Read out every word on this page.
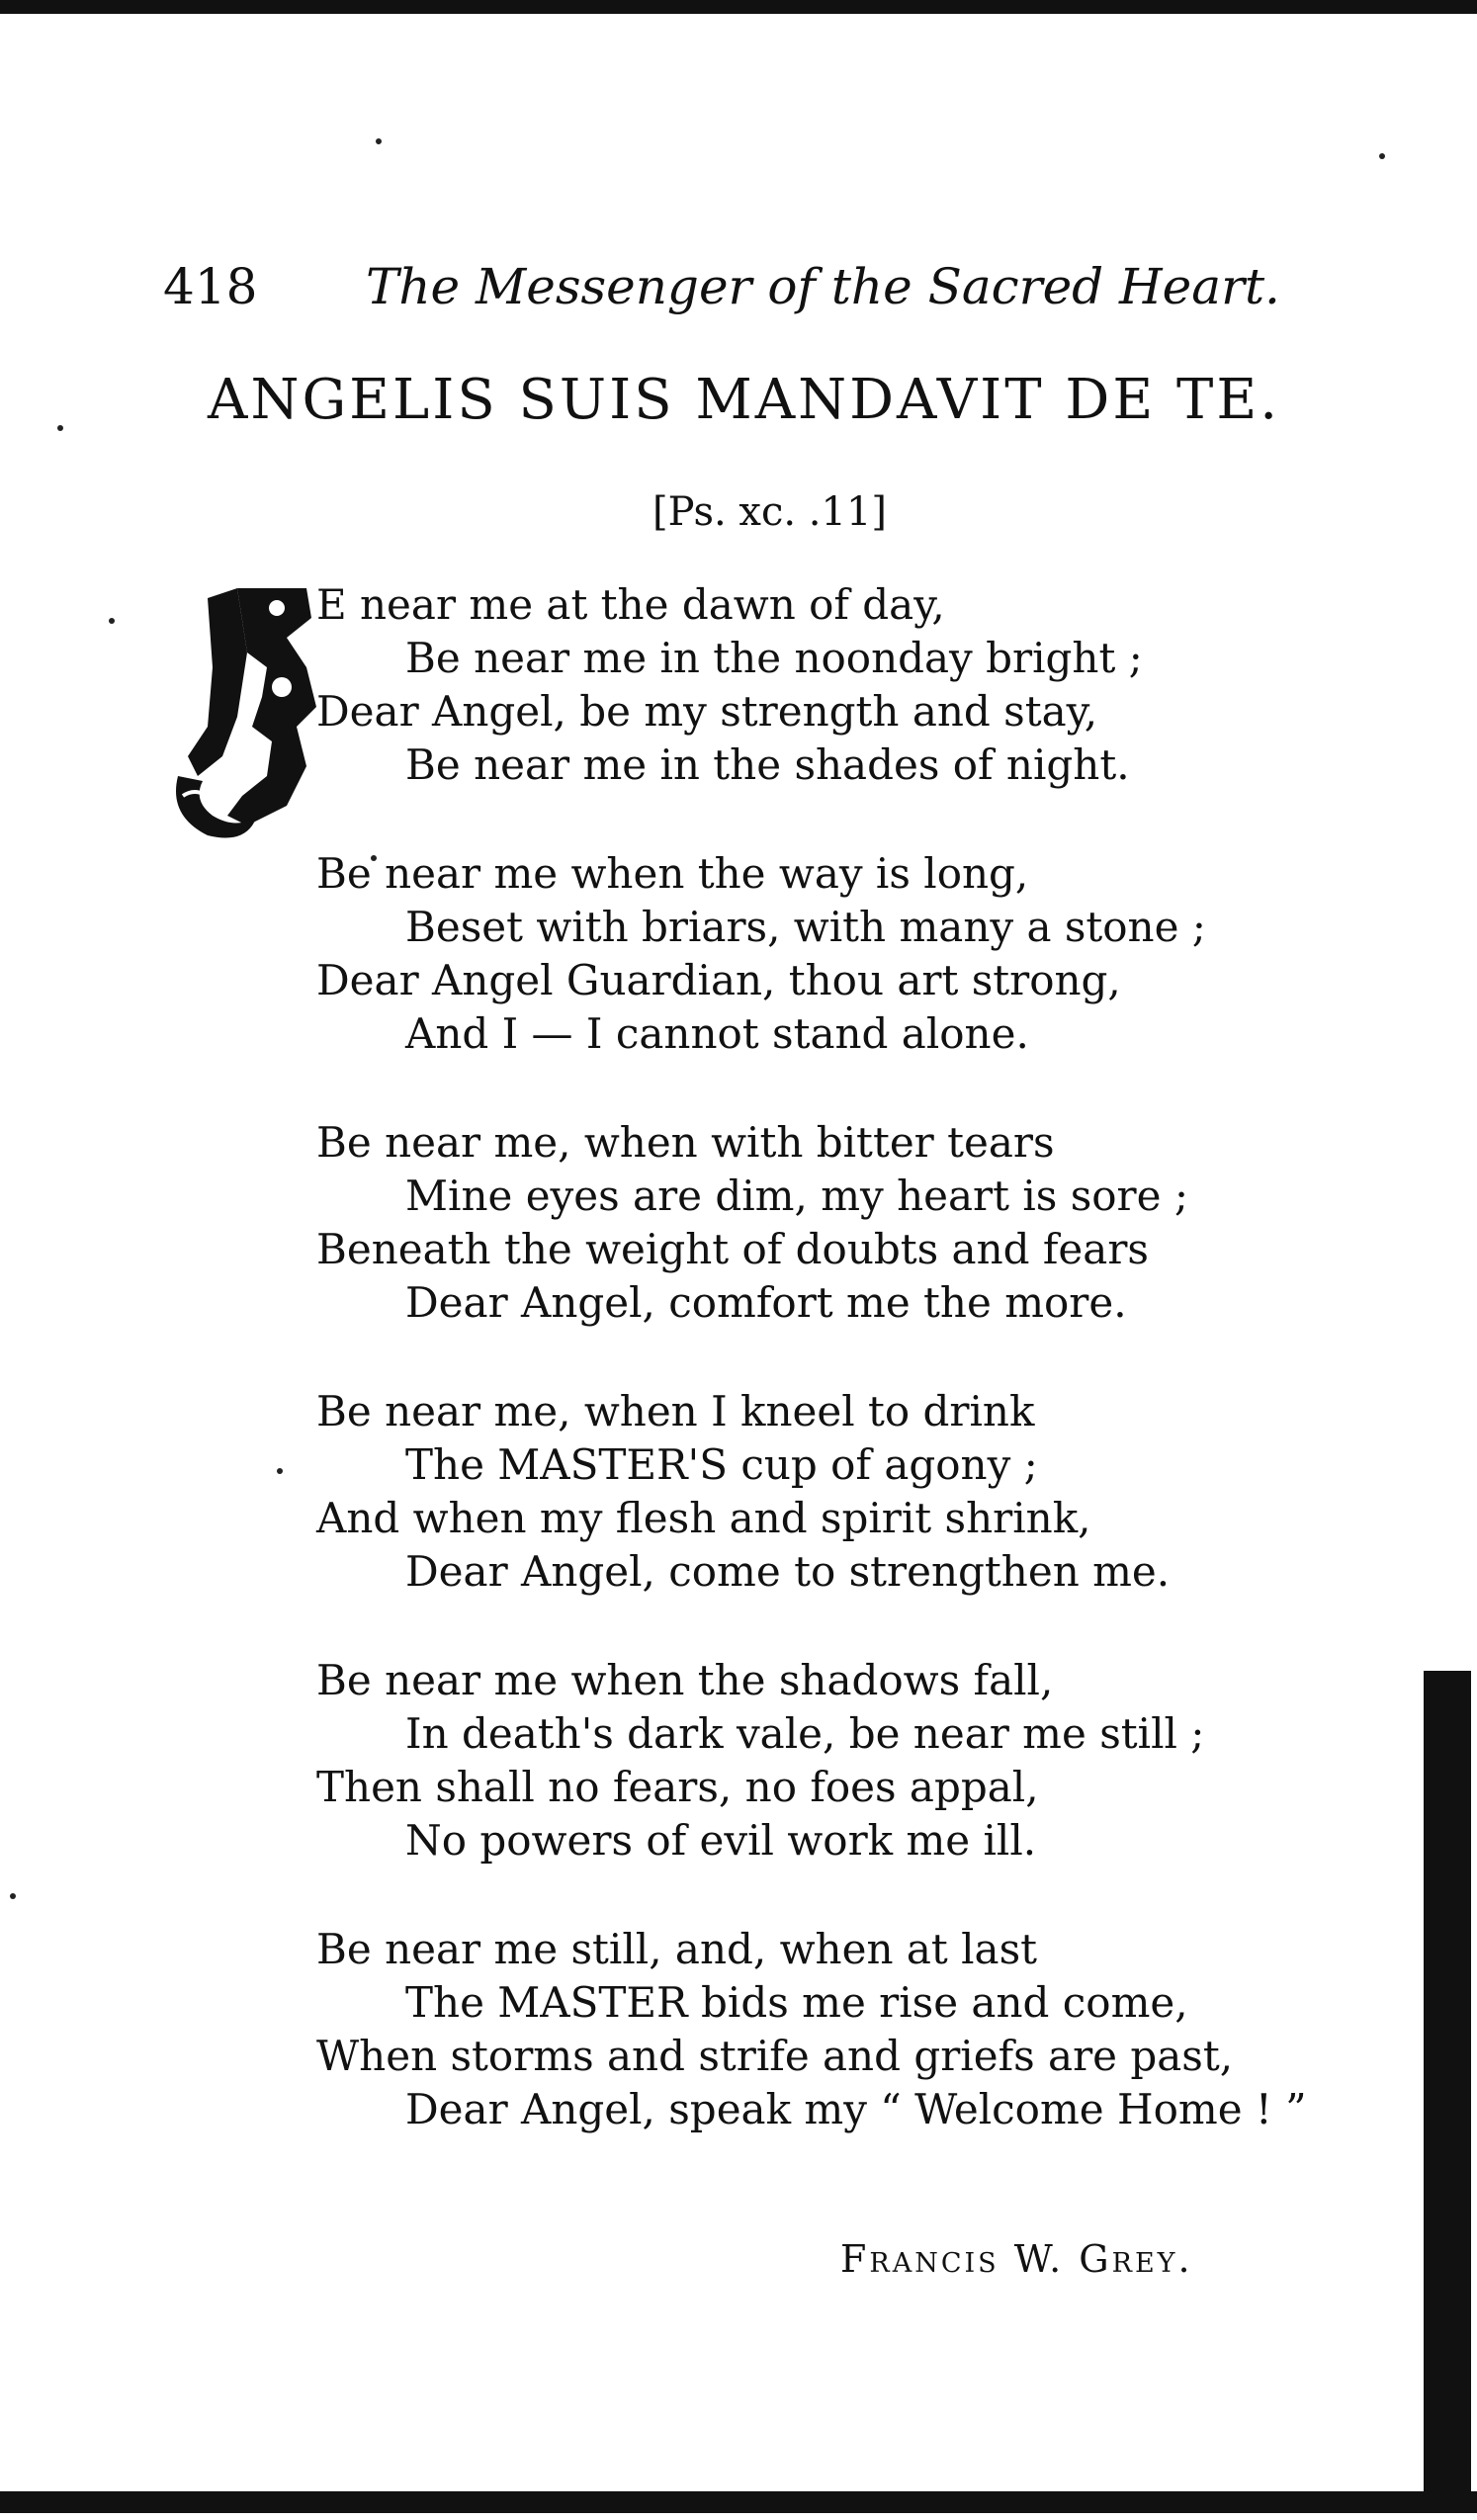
418 The Messenger of the Sacred Heart.
ANGELIS SUIS MANDAVIT DE TE.
[Ps. xc. .11]
E near me at the dawn of day,
Be near me in the noonday bright ;
Dear Angel, be my strength and stay,
Be near me in the shades of night.
Be near me when the way is long,
Beset with briars, with many a stone ;
Dear Angel Guardian, thou art strong,
And I — I cannot stand alone.
Be near me, when with bitter tears
Mine eyes are dim, my heart is sore ;
Beneath the weight of doubts and fears
Dear Angel, comfort me the more.
Be near me, when I kneel to drink
The MASTER'S cup of agony ;
And when my flesh and spirit shrink,
Dear Angel, come to strengthen me.
Be near me when the shadows fall,
In death's dark vale, be near me still ;
Then shall no fears, no foes appal,
No powers of evil work me ill.
Be near me still, and, when at last
The MASTER bids me rise and come,
When storms and strife and griefs are past,
Dear Angel, speak my “ Welcome Home ! ”
Francis W. Grey.
